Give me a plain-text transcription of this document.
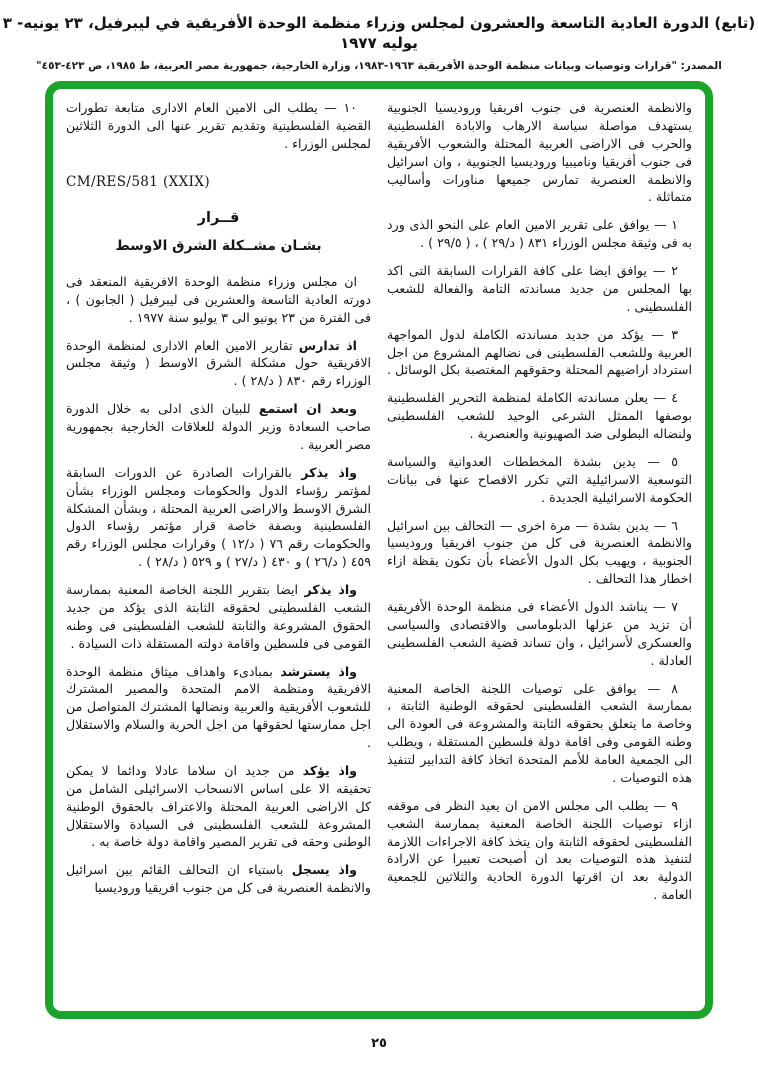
(تابع) الدورة العادية التاسعة والعشرون لمجلس وزراء منظمة الوحدة الأفريقية في ليبرفيل، ٢٣ يونيه- ٣ يوليه ١٩٧٧
المصدر: "قرارات وتوصيات وبيانات منظمة الوحدة الأفريقية ١٩٦٣-١٩٨٣، وزارة الخارجية، جمهورية مصر العربية، ط ١٩٨٥، ص ٤٢٣-٤٥٣"

والانظمة العنصرية فى جنوب افريقيا وروديسيا الجنوبية يستهدف مواصلة سياسة الارهاب والابادة الفلسطينية والحرب فى الاراضى العربية المحتلة والشعوب الأفريقية فى جنوب أفريقيا وناميبيا وروديسيا الجنوبية ، وان اسرائيل والانظمة العنصرية تمارس جميعها مناورات وأساليب متماثلة .

١ — يوافق على تقرير الامين العام على النحو الذى ورد به فى وثيقة مجلس الوزراء ٨٣١ ( د/٢٩ ) ، ( ٢٩/٥ ) .

٢ — يوافق ايضا على كافة القرارات السابقة التى اكد بها المجلس من جديد مساندته التامة والفعالة للشعب الفلسطينى .

٣ — يؤكد من جديد مساندته الكاملة لدول المواجهة العربية وللشعب الفلسطينى فى نضالهم المشروع من اجل استرداد اراضيهم المحتلة وحقوقهم المغتصبة بكل الوسائل .

٤ — يعلن مساندته الكاملة لمنظمة التحرير الفلسطينية بوصفها الممثل الشرعى الوحيد للشعب الفلسطينى ولنضاله البطولى ضد الصهيونية والعنصرية .

٥ — يدين بشدة المخططات العدوانية والسياسة التوسعية الاسرائيلية التي تكرر الافصاح عنها فى بيانات الحكومة الاسرائيلية الجديدة .

٦ — يدين بشدة — مرة اخرى — التحالف بين اسرائيل والانظمة العنصرية فى كل من جنوب افريقيا وروديسيا الجنوبية ، ويهيب بكل الدول الأعضاء بأن تكون يقظة ازاء اخطار هذا التحالف .

٧ — يناشد الدول الأعضاء فى منظمة الوحدة الأفريقية أن تزيد من عزلها الدبلوماسى والاقتصادى والسياسى والعسكرى لأسرائيل ، وان تساند قضية الشعب الفلسطينى العادلة .

٨ — يوافق على توصيات اللجنة الخاصة المعنية بممارسة الشعب الفلسطينى لحقوقه الوطنية الثابتة ، وخاصة ما يتعلق بحقوقه الثابتة والمشروعة فى العودة الى وطنه القومى وفى اقامة دولة فلسطين المستقلة ، ويطلب الى الجمعية العامة للأمم المتحدة اتخاذ كافة التدابير لتنفيذ هذه التوصيات .

٩ — يطلب الى مجلس الامن ان يعيد النظر فى موقفه ازاء توصيات اللجنة الخاصة المعنية بممارسة الشعب الفلسطينى لحقوقه الثابتة وان يتخذ كافة الاجراءات اللازمة لتنفيذ هذه التوصيات بعد ان أصبحت تعبيرا عن الارادة الدولية بعد ان اقرتها الدورة الحادية والثلاثين للجمعية العامة .

١٠ — يطلب الى الامين العام الادارى متابعة تطورات القضية الفلسطينية وتقديم تقرير عنها الى الدورة الثلاثين لمجلس الوزراء .

CM/RES/581 (XXIX)
قــرار
بشـان مشــكلة الشرق الاوسط

ان مجلس وزراء منظمة الوحدة الافريقية المنعقد فى دورته العادية التاسعة والعشرين فى ليبرفيل ( الجابون ) ، فى الفترة من ٢٣ يونيو الى ٣ يوليو سنة ١٩٧٧ .

اذ تدارس تقارير الامين العام الادارى لمنظمة الوحدة الافريقية حول مشكلة الشرق الاوسط ( وثيقة مجلس الوزراء رقم ٨٣٠ ( د/٢٨ ) .

وبعد ان استمع للبيان الذى ادلى به خلال الدورة صاحب السعادة وزير الدولة للعلاقات الخارجية بجمهورية مصر العربية .

واذ يذكر بالقرارات الصادرة عن الدورات السابقة لمؤتمر رؤساء الدول والحكومات ومجلس الوزراء بشأن الشرق الاوسط والاراضى العربية المحتلة ، وبشأن المشكلة الفلسطينية وبصفة خاصة قرار مؤتمر رؤساء الدول والحكومات رقم ٧٦ ( د/١٢ ) وقرارات مجلس الوزراء رقم ٤٥٩ ( د/٢٦ ) و ٤٣٠ ( د/٢٧ ) و ٥٢٩ ( د/٢٨ ) .

واذ يذكر ايضا بتقرير اللجنة الخاصة المعنية بممارسة الشعب الفلسطينى لحقوقه الثابتة الذى يؤكد من جديد الحقوق المشروعة والثابتة للشعب الفلسطينى فى وطنه القومى فى فلسطين واقامة دولته المستقلة ذات السيادة .

واذ يسترشد بمبادىء واهداف ميثاق منظمة الوحدة الافريقية ومنظمة الامم المتحدة والمصير المشترك للشعوب الأفريقية والعربية ونضالها المشترك المتواصل من اجل ممارستها لحقوقها من اجل الحرية والسلام والاستقلال .

واذ يؤكد من جديد ان سلاما عادلا ودائما لا يمكن تحقيقه الا على اساس الانسحاب الاسرائيلى الشامل من كل الاراضى العربية المحتلة والاعتراف بالحقوق الوطنية المشروعة للشعب الفلسطينى فى السيادة والاستقلال الوطنى وحقه فى تقرير المصير واقامة دولة خاصة به .

واذ يسجل باستياء ان التحالف القائم بين اسرائيل والانظمة العنصرية فى كل من جنوب افريقيا وروديسيا

٢٥
